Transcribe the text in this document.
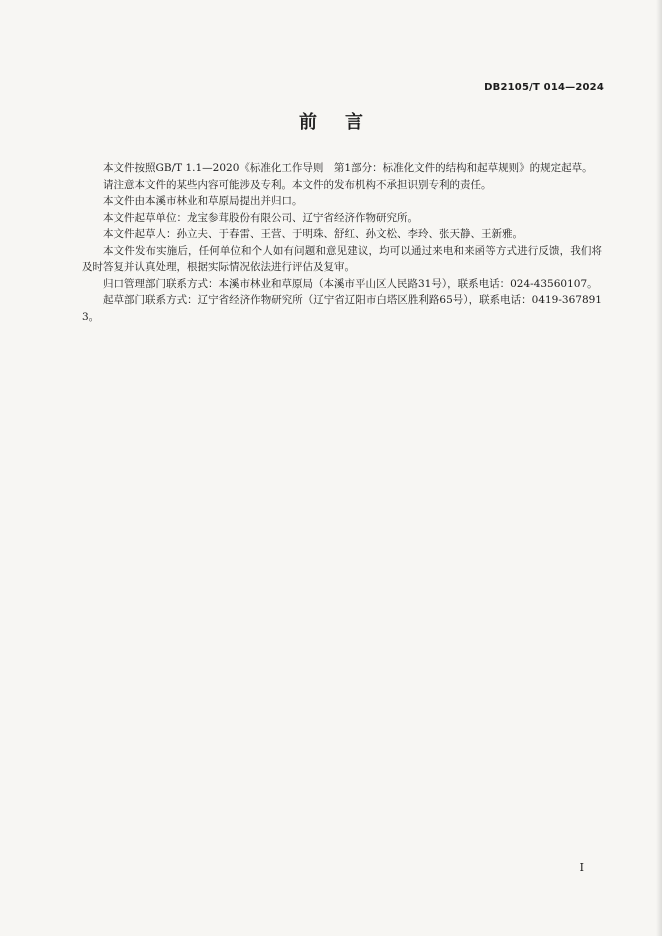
DB2105/T 014—2024
前言

本文件按照GB/T 1.1—2020《标准化工作导则　第1部分：标准化文件的结构和起草规则》的规定起草。

请注意本文件的某些内容可能涉及专利。本文件的发布机构不承担识别专利的责任。

本文件由本溪市林业和草原局提出并归口。

本文件起草单位：龙宝参茸股份有限公司、辽宁省经济作物研究所。

本文件起草人：孙立夫、于春雷、王营、于明珠、舒红、孙文松、李玲、张天静、王新雅。

本文件发布实施后，任何单位和个人如有问题和意见建议，均可以通过来电和来函等方式进行反馈，我们将及时答复并认真处理，根据实际情况依法进行评估及复审。

归口管理部门联系方式：本溪市林业和草原局（本溪市平山区人民路31号），联系电话：024-43560107。

起草部门联系方式：辽宁省经济作物研究所（辽宁省辽阳市白塔区胜利路65号），联系电话：0419-3678913。

I
